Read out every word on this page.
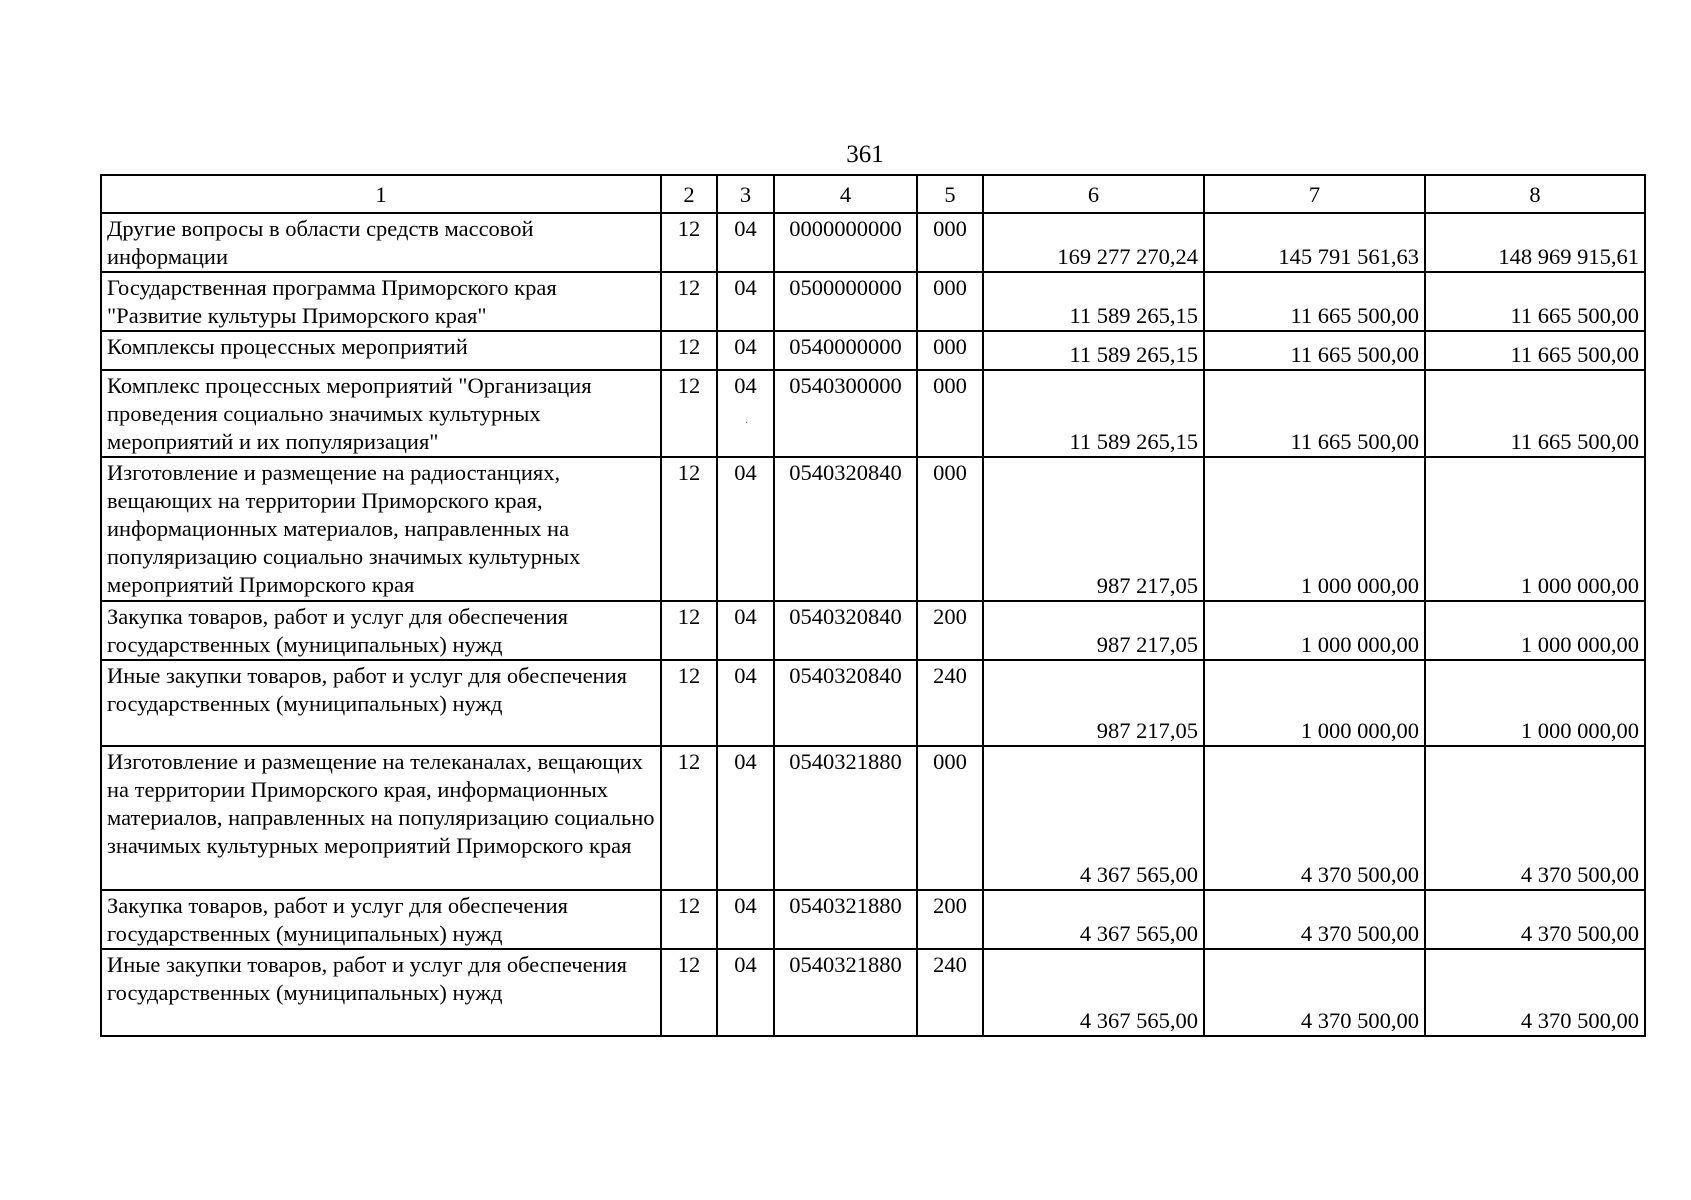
361
1	2	3	4	5	6	7	8
Другие вопросы в области средств массовой информации	12	04	0000000000	000	169 277 270,24	145 791 561,63	148 969 915,61
Государственная программа Приморского края "Развитие культуры Приморского края"	12	04	0500000000	000	11 589 265,15	11 665 500,00	11 665 500,00
Комплексы процессных мероприятий	12	04	0540000000	000	11 589 265,15	11 665 500,00	11 665 500,00
Комплекс процессных мероприятий "Организация проведения социально значимых культурных мероприятий и их популяризация"	12	04	0540300000	000	11 589 265,15	11 665 500,00	11 665 500,00
Изготовление и размещение на радиостанциях, вещающих на территории Приморского края, информационных материалов, направленных на популяризацию социально значимых культурных мероприятий Приморского края	12	04	0540320840	000	987 217,05	1 000 000,00	1 000 000,00
Закупка товаров, работ и услуг для обеспечения государственных (муниципальных) нужд	12	04	0540320840	200	987 217,05	1 000 000,00	1 000 000,00
Иные закупки товаров, работ и услуг для обеспечения государственных (муниципальных) нужд	12	04	0540320840	240	987 217,05	1 000 000,00	1 000 000,00
Изготовление и размещение на телеканалах, вещающих на территории Приморского края, информационных материалов, направленных на популяризацию социально значимых культурных мероприятий Приморского края	12	04	0540321880	000	4 367 565,00	4 370 500,00	4 370 500,00
Закупка товаров, работ и услуг для обеспечения государственных (муниципальных) нужд	12	04	0540321880	200	4 367 565,00	4 370 500,00	4 370 500,00
Иные закупки товаров, работ и услуг для обеспечения государственных (муниципальных) нужд	12	04	0540321880	240	4 367 565,00	4 370 500,00	4 370 500,00
·
